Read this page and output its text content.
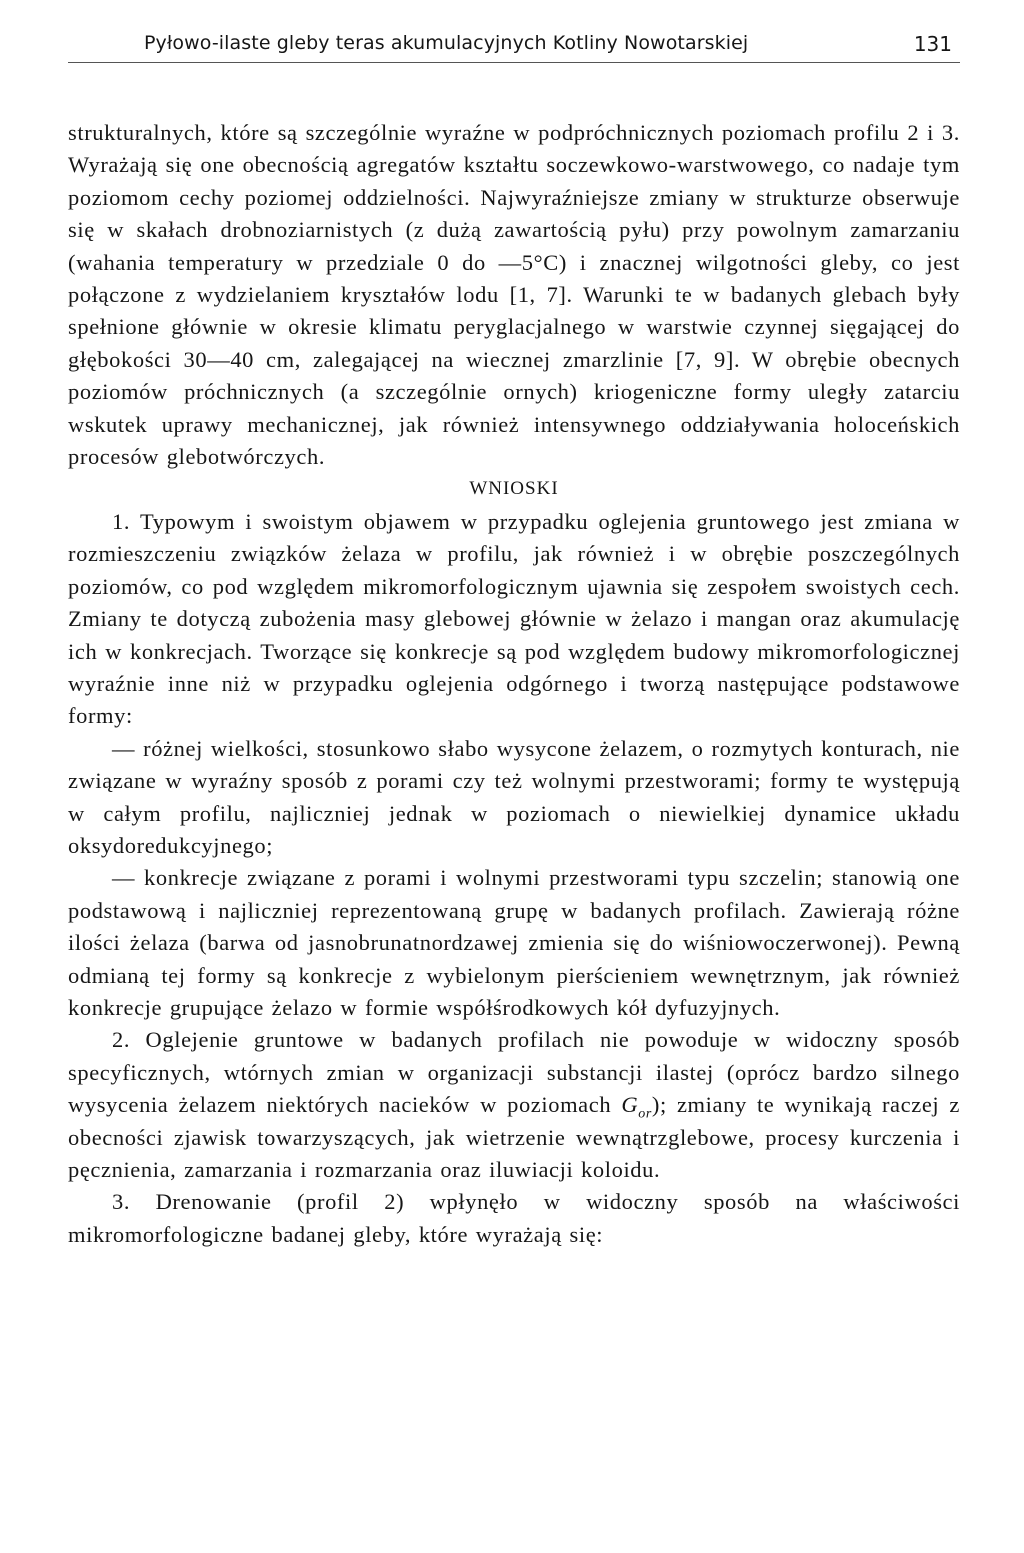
Pyłowo-ilaste gleby teras akumulacyjnych Kotliny Nowotarskiej	131

strukturalnych, które są szczególnie wyraźne w podpróchnicznych poziomach profilu 2 i 3. Wyrażają się one obecnością agregatów kształtu soczewkowo-warstwowego, co nadaje tym poziomom cechy poziomej oddzielności. Najwyraźniejsze zmiany w strukturze obserwuje się w skałach drobnoziarnistych (z dużą zawartością pyłu) przy powolnym zamarzaniu (wahania temperatury w przedziale 0 do —5°C) i znacznej wilgotności gleby, co jest połączone z wydzielaniem kryształów lodu [1, 7]. Warunki te w badanych glebach były spełnione głównie w okresie klimatu peryglacjalnego w warstwie czynnej sięgającej do głębokości 30—40 cm, zalegającej na wiecznej zmarzlinie [7, 9]. W obrębie obecnych poziomów próchnicznych (a szczególnie ornych) kriogeniczne formy uległy zatarciu wskutek uprawy mechanicznej, jak również intensywnego oddziaływania holoceńskich procesów glebotwórczych.

WNIOSKI

1. Typowym i swoistym objawem w przypadku oglejenia gruntowego jest zmiana w rozmieszczeniu związków żelaza w profilu, jak również i w obrębie poszczególnych poziomów, co pod względem mikromorfologicznym ujawnia się zespołem swoistych cech. Zmiany te dotyczą zubożenia masy glebowej głównie w żelazo i mangan oraz akumulację ich w konkrecjach. Tworzące się konkrecje są pod względem budowy mikromorfologicznej wyraźnie inne niż w przypadku oglejenia odgórnego i tworzą następujące podstawowe formy:

— różnej wielkości, stosunkowo słabo wysycone żelazem, o rozmytych konturach, nie związane w wyraźny sposób z porami czy też wolnymi przestworami; formy te występują w całym profilu, najliczniej jednak w poziomach o niewielkiej dynamice układu oksydoredukcyjnego;

— konkrecje związane z porami i wolnymi przestworami typu szczelin; stanowią one podstawową i najliczniej reprezentowaną grupę w badanych profilach. Zawierają różne ilości żelaza (barwa od jasnobrunatnordzawej zmienia się do wiśniowoczerwonej). Pewną odmianą tej formy są konkrecje z wybielonym pierścieniem wewnętrznym, jak również konkrecje grupujące żelazo w formie współśrodkowych kół dyfuzyjnych.

2. Oglejenie gruntowe w badanych profilach nie powoduje w widoczny sposób specyficznych, wtórnych zmian w organizacji substancji ilastej (oprócz bardzo silnego wysycenia żelazem niektórych nacieków w poziomach $G_{or}$); zmiany te wynikają raczej z obecności zjawisk towarzyszących, jak wietrzenie wewnątrzglebowe, procesy kurczenia i pęcznienia, zamarzania i rozmarzania oraz iluwiacji koloidu.

3. Drenowanie (profil 2) wpłynęło w widoczny sposób na właściwości mikromorfologiczne badanej gleby, które wyrażają się:
